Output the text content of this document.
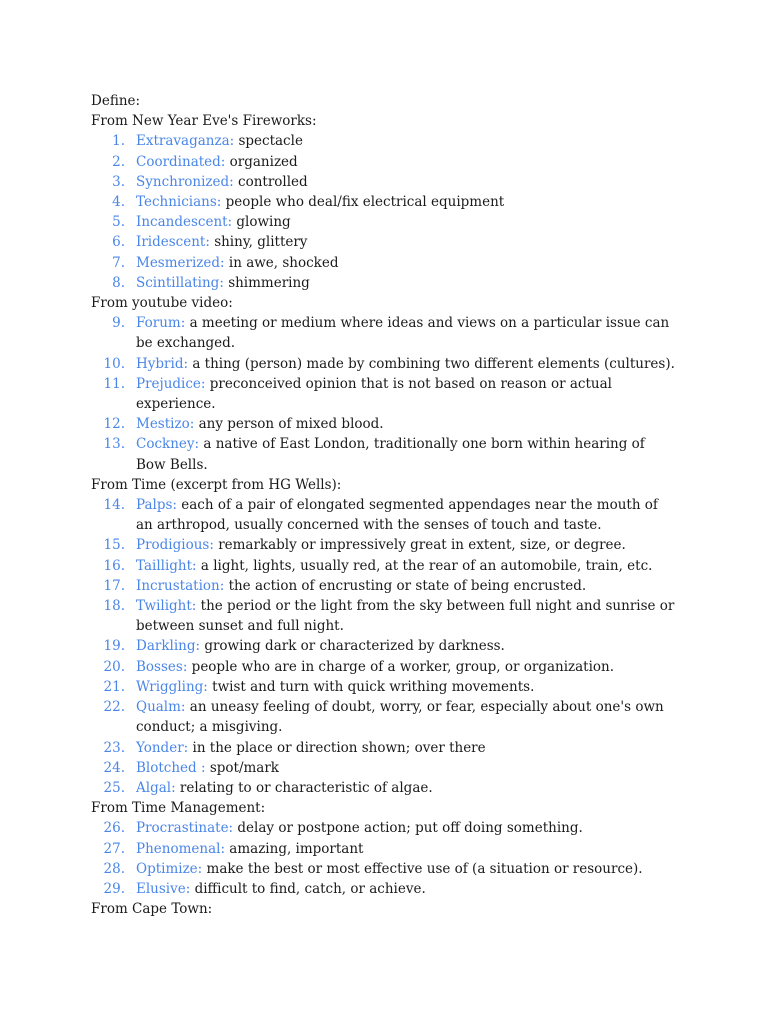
Define:
From New Year Eve's Fireworks:
1. Extravaganza: spectacle
2. Coordinated: organized
3. Synchronized: controlled
4. Technicians: people who deal/fix electrical equipment
5. Incandescent: glowing
6. Iridescent: shiny, glittery
7. Mesmerized: in awe, shocked
8. Scintillating: shimmering
From youtube video:
9. Forum: a meeting or medium where ideas and views on a particular issue can be exchanged.
10. Hybrid: a thing (person) made by combining two different elements (cultures).
11. Prejudice: preconceived opinion that is not based on reason or actual experience.
12. Mestizo: any person of mixed blood.
13. Cockney: a native of East London, traditionally one born within hearing of Bow Bells.
From Time (excerpt from HG Wells):
14. Palps: each of a pair of elongated segmented appendages near the mouth of an arthropod, usually concerned with the senses of touch and taste.
15. Prodigious: remarkably or impressively great in extent, size, or degree.
16. Taillight: a light, lights, usually red, at the rear of an automobile, train, etc.
17. Incrustation: the action of encrusting or state of being encrusted.
18. Twilight: the period or the light from the sky between full night and sunrise or between sunset and full night.
19. Darkling: growing dark or characterized by darkness.
20. Bosses: people who are in charge of a worker, group, or organization.
21. Wriggling: twist and turn with quick writhing movements.
22. Qualm: an uneasy feeling of doubt, worry, or fear, especially about one's own conduct; a misgiving.
23. Yonder: in the place or direction shown; over there
24. Blotched : spot/mark
25. Algal: relating to or characteristic of algae.
From Time Management:
26. Procrastinate: delay or postpone action; put off doing something.
27. Phenomenal: amazing, important
28. Optimize: make the best or most effective use of (a situation or resource).
29. Elusive: difficult to find, catch, or achieve.
From Cape Town:
